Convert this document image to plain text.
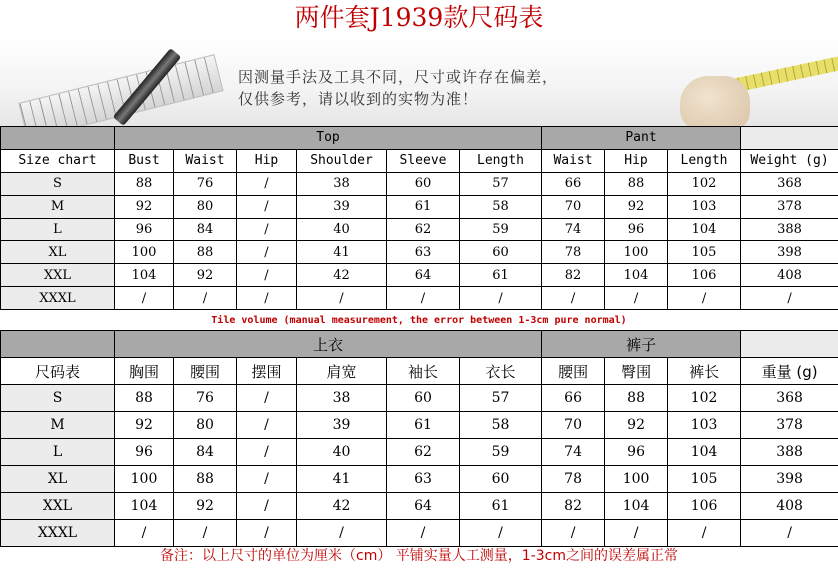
两件套J1939款尺码表
因测量手法及工具不同，尺寸或许存在偏差，
仅供参考，请以收到的实物为准！
	Top						Pant			
Size chart	Bust	Waist	Hip	Shoulder	Sleeve	Length	Waist	Hip	Length	Weight (g)
S	88	76	/	38	60	57	66	88	102	368
M	92	80	/	39	61	58	70	92	103	378
L	96	84	/	40	62	59	74	96	104	388
XL	100	88	/	41	63	60	78	100	105	398
XXL	104	92	/	42	64	61	82	104	106	408
XXXL	/	/	/	/	/	/	/	/	/	/
Tile volume (manual measurement, the error between 1-3cm pure normal)
	上衣						裤子			
尺码表	胸围	腰围	摆围	肩宽	袖长	衣长	腰围	臀围	裤长	重量 (g)
S	88	76	/	38	60	57	66	88	102	368
M	92	80	/	39	61	58	70	92	103	378
L	96	84	/	40	62	59	74	96	104	388
XL	100	88	/	41	63	60	78	100	105	398
XXL	104	92	/	42	64	61	82	104	106	408
XXXL	/	/	/	/	/	/	/	/	/	/
备注：以上尺寸的单位为厘米（cm） 平铺实量人工测量，1-3cm之间的误差属正常
